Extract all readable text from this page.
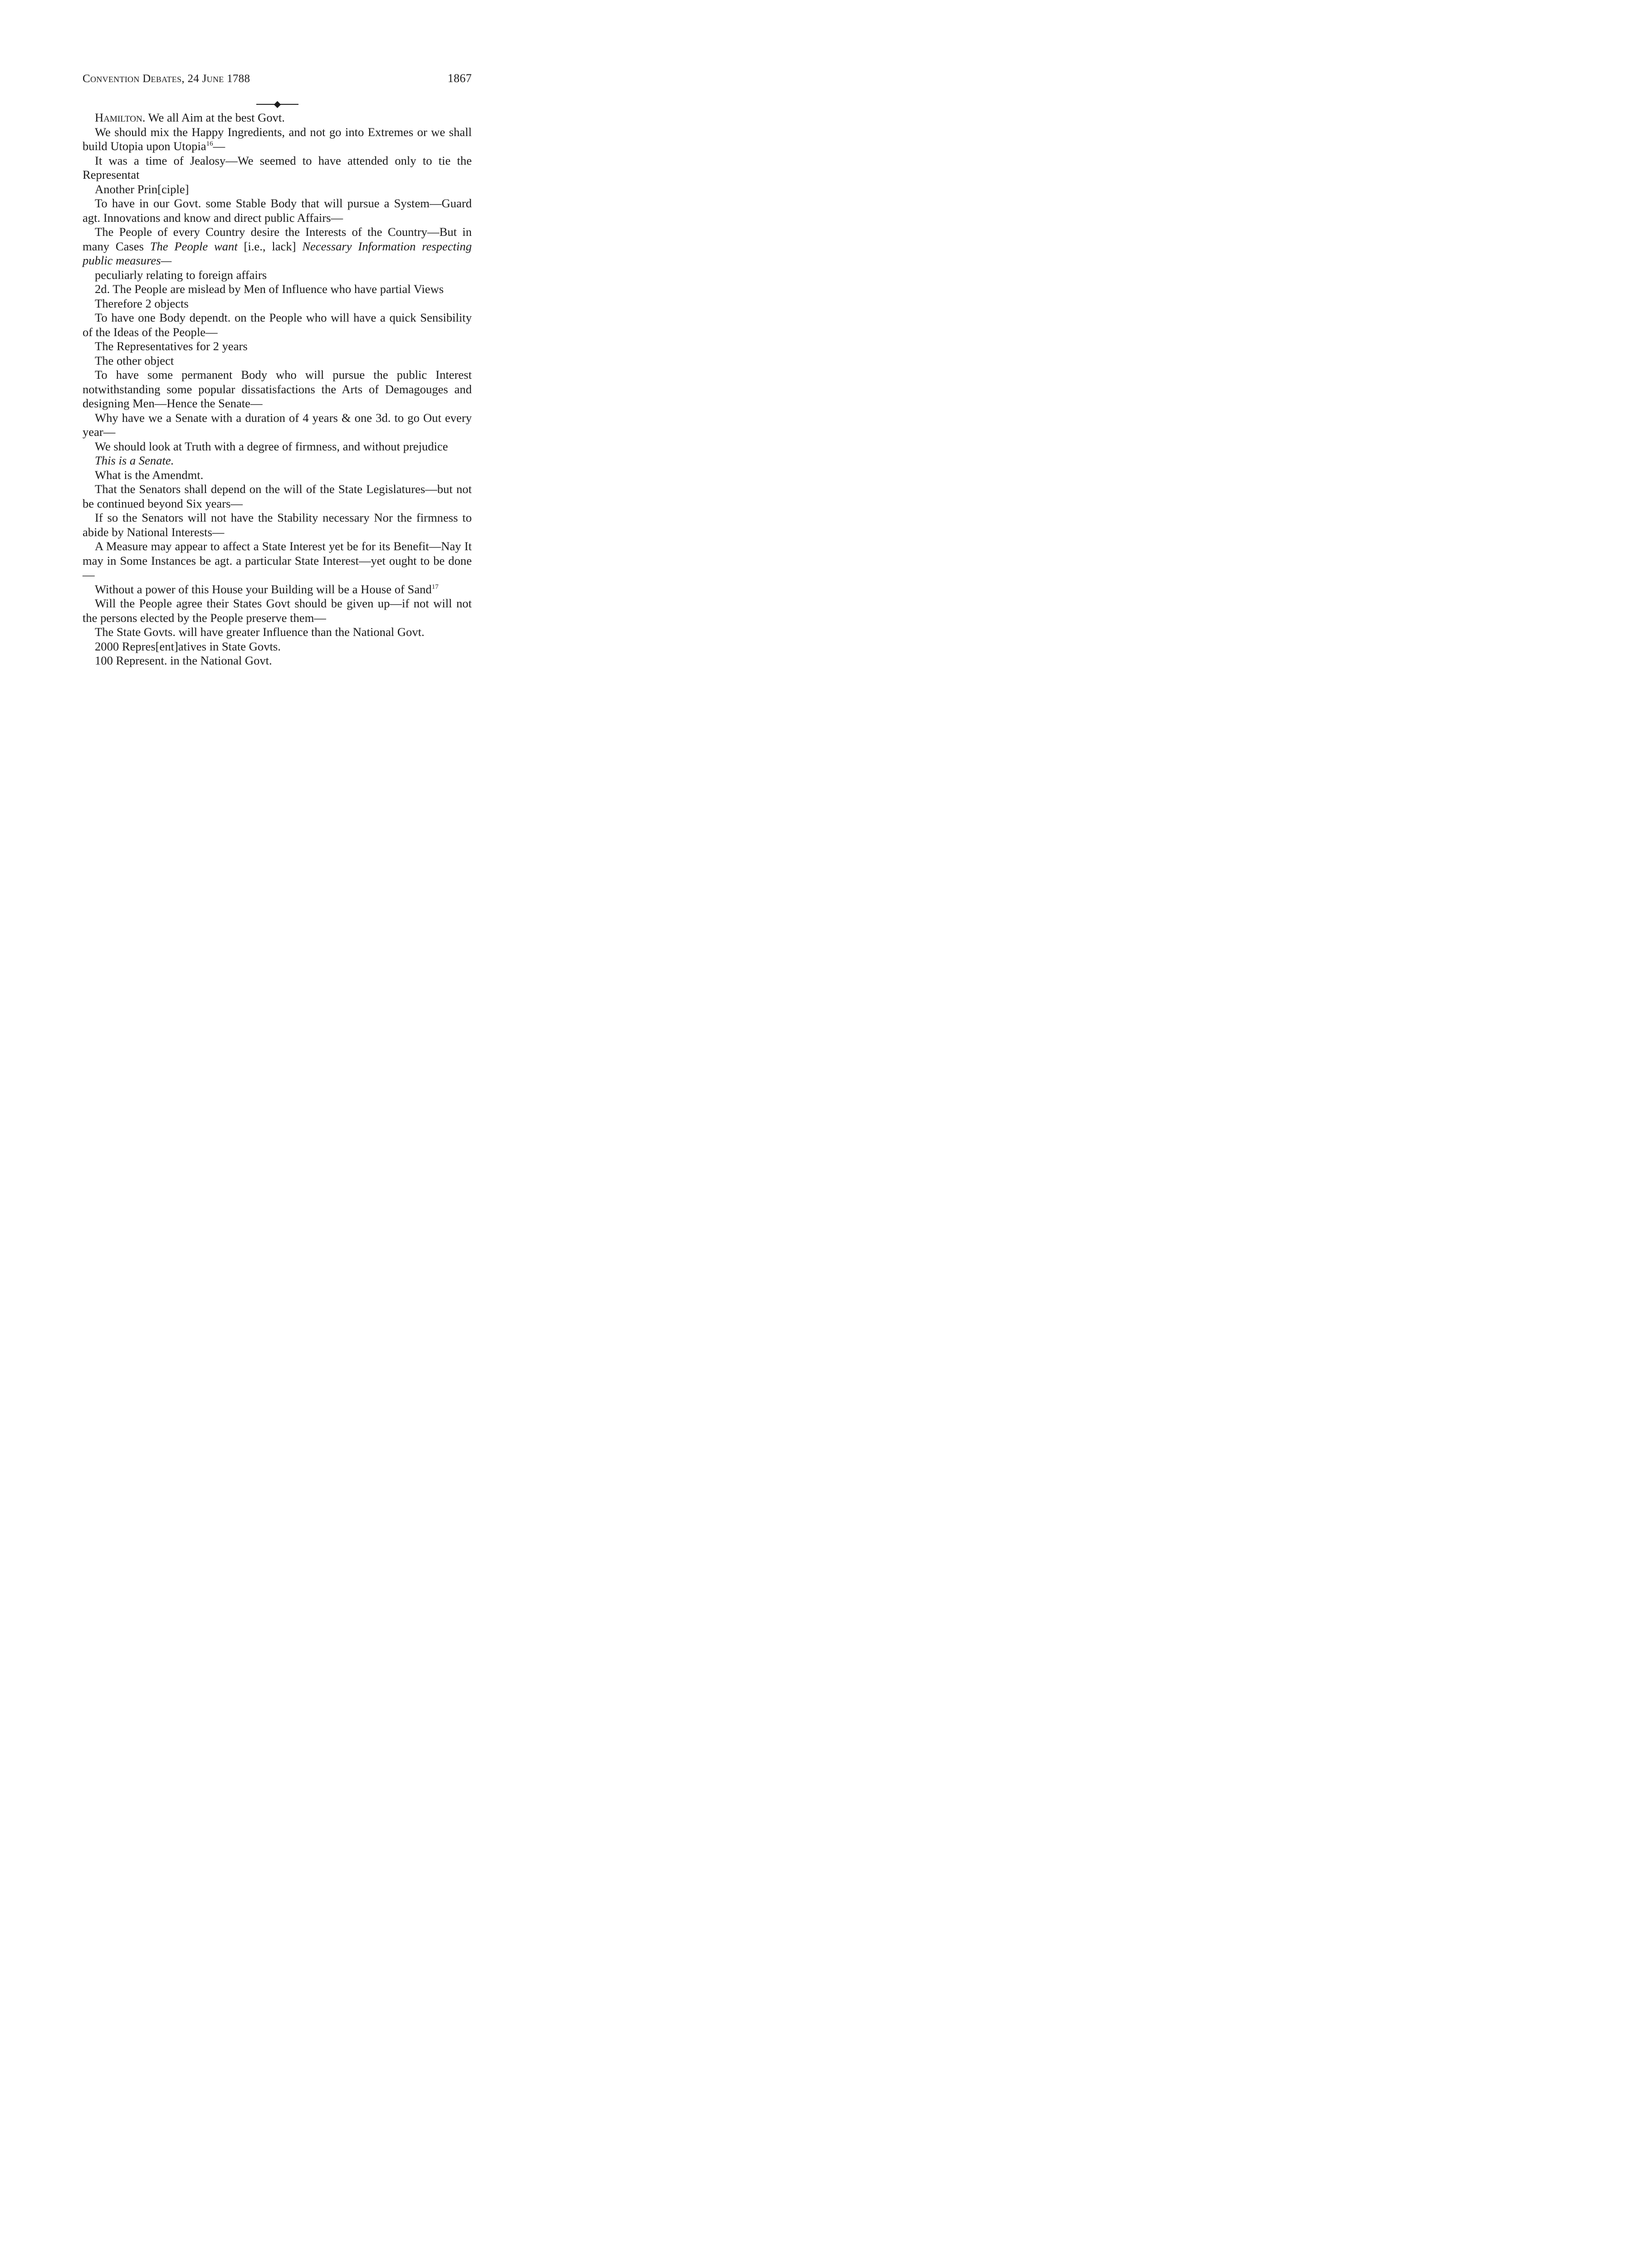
Convention Debates, 24 June 1788	1867

Hamilton. We all Aim at the best Govt.

We should mix the Happy Ingredients, and not go into Extremes or we shall build Utopia upon Utopia$^{16}$—

It was a time of Jealosy—We seemed to have attended only to tie the Representat

Another Prin[ciple]

To have in our Govt. some Stable Body that will pursue a System—Guard agt. Innovations and know and direct public Affairs—

The People of every Country desire the Interests of the Country—But in many Cases The People want [i.e., lack] Necessary Information respecting public measures—

peculiarly relating to foreign affairs

2d. The People are mislead by Men of Influence who have partial Views

Therefore 2 objects

To have one Body dependt. on the People who will have a quick Sensibility of the Ideas of the People—

The Representatives for 2 years

The other object

To have some permanent Body who will pursue the public Interest notwithstanding some popular dissatisfactions the Arts of Demagouges and designing Men—Hence the Senate—

Why have we a Senate with a duration of 4 years & one 3d. to go Out every year—

We should look at Truth with a degree of firmness, and without prejudice

This is a Senate.

What is the Amendmt.

That the Senators shall depend on the will of the State Legislatures—but not be continued beyond Six years—

If so the Senators will not have the Stability necessary Nor the firmness to abide by National Interests—

A Measure may appear to affect a State Interest yet be for its Benefit—Nay It may in Some Instances be agt. a particular State Interest—yet ought to be done—

Without a power of this House your Building will be a House of Sand$^{17}$

Will the People agree their States Govt should be given up—if not will not the persons elected by the People preserve them—

The State Govts. will have greater Influence than the National Govt.

2000 Repres[ent]atives in State Govts.

100 Represent. in the National Govt.
